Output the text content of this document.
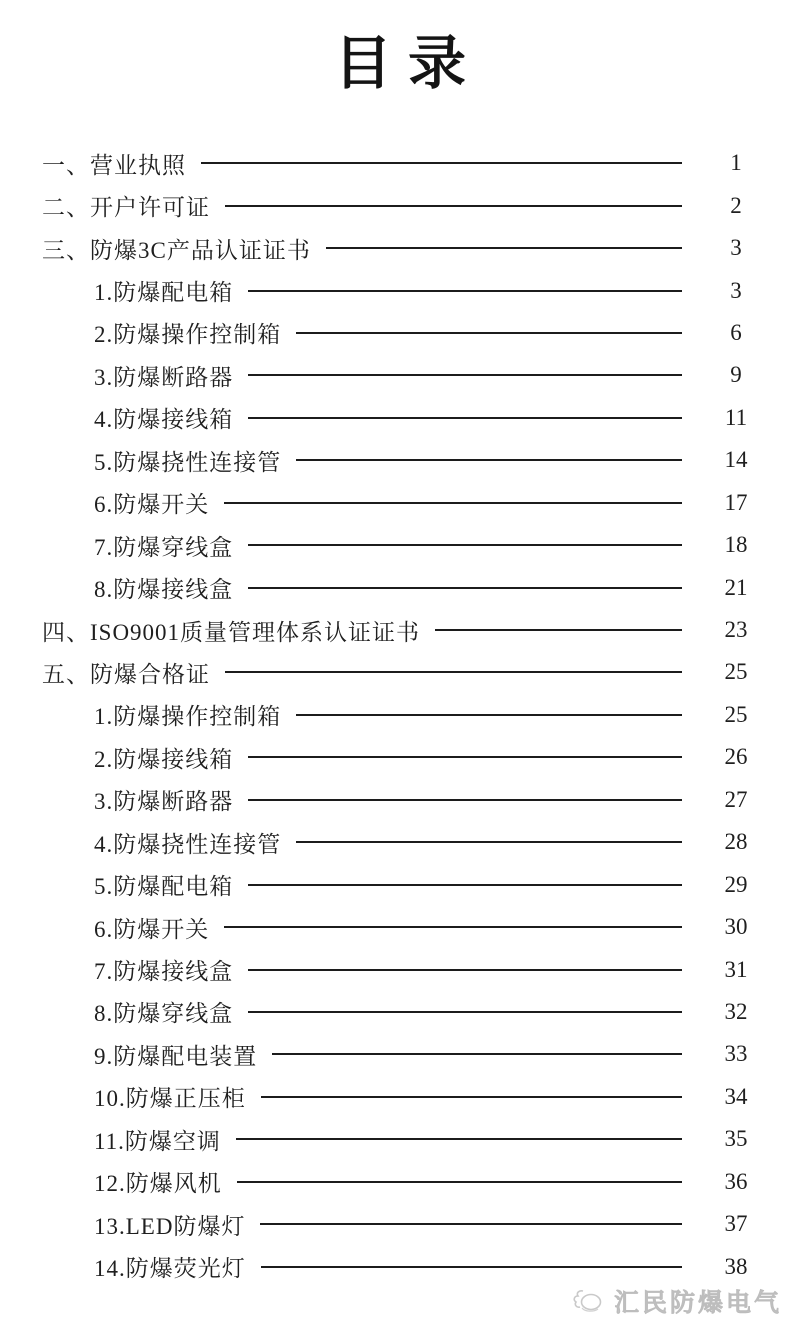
目录
一、营业执照	1
二、开户许可证	2
三、防爆3C产品认证证书	3
1.防爆配电箱	3
2.防爆操作控制箱	6
3.防爆断路器	9
4.防爆接线箱	11
5.防爆挠性连接管	14
6.防爆开关	17
7.防爆穿线盒	18
8.防爆接线盒	21
四、ISO9001质量管理体系认证证书	23
五、防爆合格证	25
1.防爆操作控制箱	25
2.防爆接线箱	26
3.防爆断路器	27
4.防爆挠性连接管	28
5.防爆配电箱	29
6.防爆开关	30
7.防爆接线盒	31
8.防爆穿线盒	32
9.防爆配电装置	33
10.防爆正压柜	34
11.防爆空调	35
12.防爆风机	36
13.LED防爆灯	37
14.防爆荧光灯	38
汇民防爆电气
